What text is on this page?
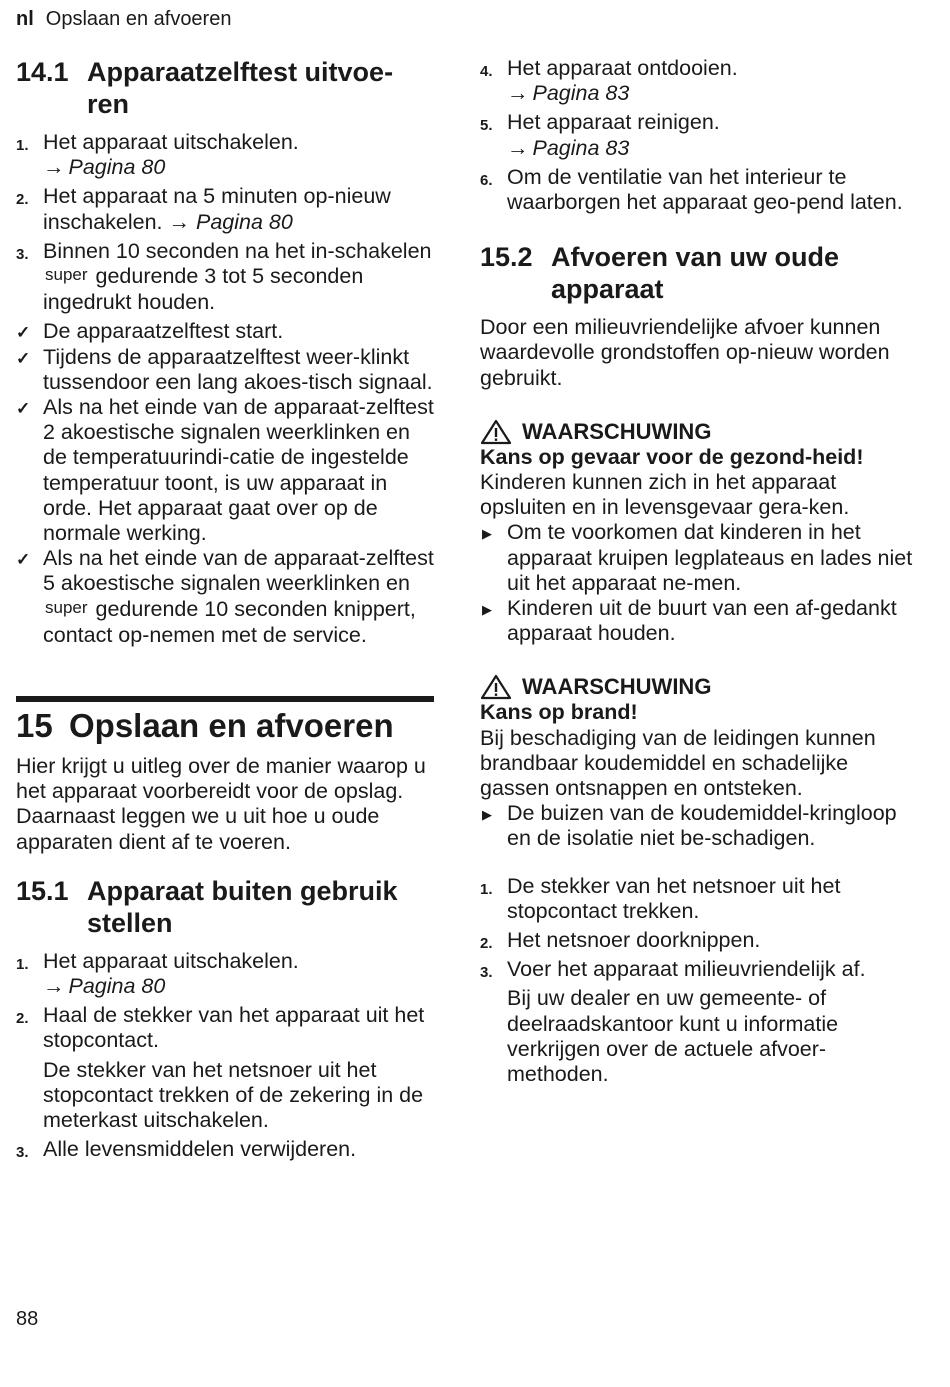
nl Opslaan en afvoeren
14.1 Apparaatzelftest uitvoe-ren
1. Het apparaat uitschakelen.
→ Pagina 80
2. Het apparaat na 5 minuten op-nieuw inschakelen. → Pagina 80
3. Binnen 10 seconden na het in-schakelen super gedurende 3 tot 5 seconden ingedrukt houden.
✓ De apparaatzelftest start.
✓ Tijdens de apparaatzelftest weer-klinkt tussendoor een lang akoes-tisch signaal.
✓ Als na het einde van de apparaat-zelftest 2 akoestische signalen weerklinken en de temperatuurindi-catie de ingestelde temperatuur toont, is uw apparaat in orde. Het apparaat gaat over op de normale werking.
✓ Als na het einde van de apparaat-zelftest 5 akoestische signalen weerklinken en super gedurende 10 seconden knippert, contact op-nemen met de service.
15 Opslaan en afvoeren

Hier krijgt u uitleg over de manier waarop u het apparaat voorbereidt voor de opslag. Daarnaast leggen we u uit hoe u oude apparaten dient af te voeren.

15.1 Apparaat buiten gebruik stellen
1. Het apparaat uitschakelen.
→ Pagina 80
2. Haal de stekker van het apparaat uit het stopcontact.
De stekker van het netsnoer uit het stopcontact trekken of de zekering in de meterkast uitschakelen.
3. Alle levensmiddelen verwijderen.
4. Het apparaat ontdooien.
→ Pagina 83
5. Het apparaat reinigen.
→ Pagina 83
6. Om de ventilatie van het interieur te waarborgen het apparaat geo-pend laten.
15.2 Afvoeren van uw oude apparaat

Door een milieuvriendelijke afvoer kunnen waardevolle grondstoffen op-nieuw worden gebruikt.

WAARSCHUWING
Kans op gevaar voor de gezond-heid!

Kinderen kunnen zich in het apparaat opsluiten en in levensgevaar gera-ken.

▶ Om te voorkomen dat kinderen in het apparaat kruipen legplateaus en lades niet uit het apparaat ne-men.
▶ Kinderen uit de buurt van een af-gedankt apparaat houden.
WAARSCHUWING
Kans op brand!

Bij beschadiging van de leidingen kunnen brandbaar koudemiddel en schadelijke gassen ontsnappen en ontsteken.

▶ De buizen van de koudemiddel-kringloop en de isolatie niet be-schadigen.
1. De stekker van het netsnoer uit het stopcontact trekken.
2. Het netsnoer doorknippen.
3. Voer het apparaat milieuvriendelijk af.
Bij uw dealer en uw gemeente- of deelraadskantoor kunt u informatie verkrijgen over de actuele afvoer-methoden.
88
